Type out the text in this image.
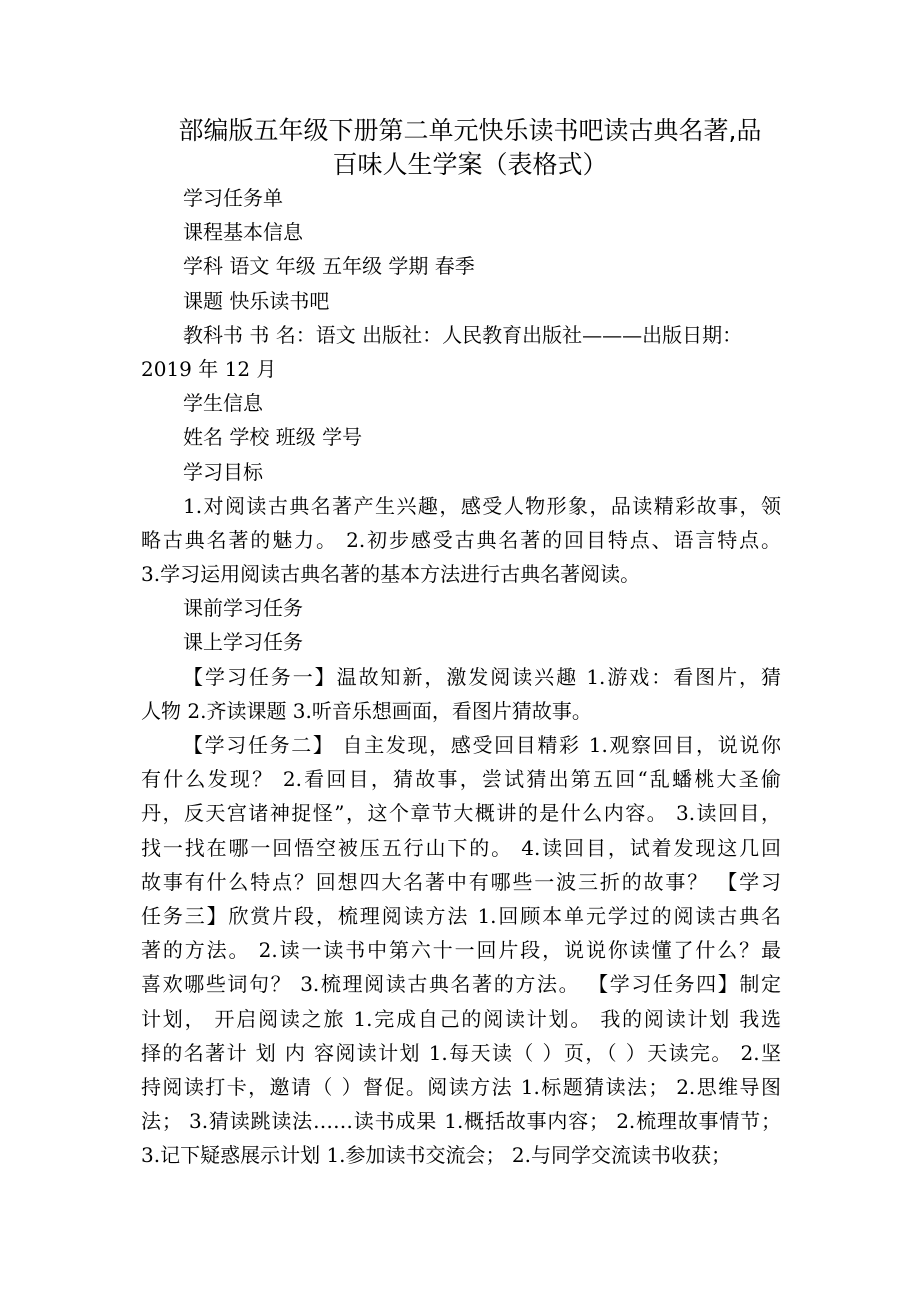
部编版五年级下册第二单元快乐读书吧读古典名著,品
百味人生学案（表格式）
学习任务单
课程基本信息
学科 语文 年级 五年级 学期 春季
课题 快乐读书吧
教科书 书 名：语文 出版社：人民教育出版社———出版日期：
2019 年 12 月
学生信息
姓名 学校 班级 学号
学习目标
1.对阅读古典名著产生兴趣，感受人物形象，品读精彩故事，领
略古典名著的魅力。 2.初步感受古典名著的回目特点、语言特点。
3.学习运用阅读古典名著的基本方法进行古典名著阅读。
课前学习任务
课上学习任务
【学习任务一】温故知新，激发阅读兴趣 1.游戏：看图片，猜
人物 2.齐读课题 3.听音乐想画面，看图片猜故事。
【学习任务二】 自主发现，感受回目精彩 1.观察回目，说说你
有什么发现？ 2.看回目，猜故事，尝试猜出第五回“乱蟠桃大圣偷
丹，反天宫诸神捉怪”，这个章节大概讲的是什么内容。 3.读回目，
找一找在哪一回悟空被压五行山下的。 4.读回目，试着发现这几回
故事有什么特点？回想四大名著中有哪些一波三折的故事？ 【学习
任务三】欣赏片段，梳理阅读方法 1.回顾本单元学过的阅读古典名
著的方法。 2.读一读书中第六十一回片段，说说你读懂了什么？最
喜欢哪些词句？ 3.梳理阅读古典名著的方法。 【学习任务四】制定
计划， 开启阅读之旅 1.完成自己的阅读计划。 我的阅读计划 我选
择的名著计 划 内 容阅读计划 1.每天读（ ）页，（ ）天读完。 2.坚
持阅读打卡，邀请（ ）督促。阅读方法 1.标题猜读法； 2.思维导图
法； 3.猜读跳读法……读书成果 1.概括故事内容； 2.梳理故事情节；
3.记下疑惑展示计划 1.参加读书交流会； 2.与同学交流读书收获；
